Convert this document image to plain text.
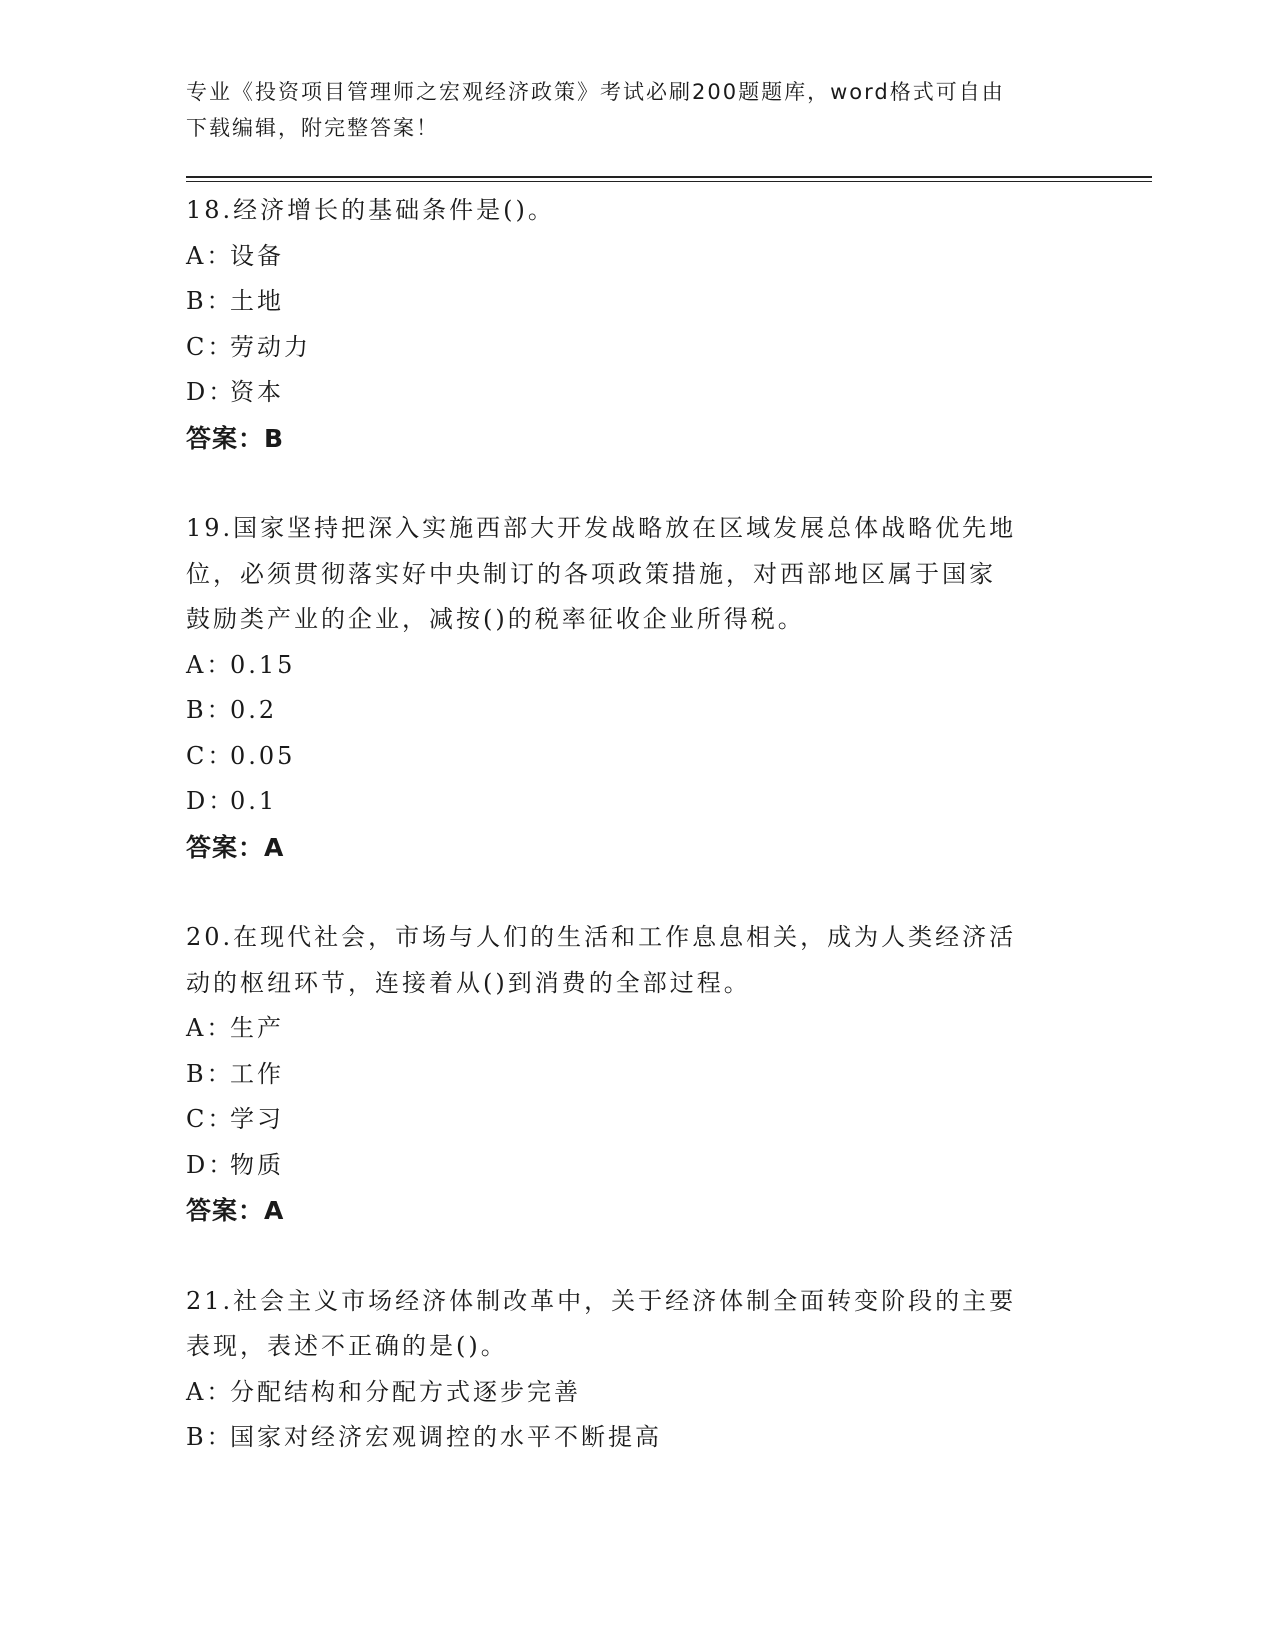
专业《投资项目管理师之宏观经济政策》考试必刷200题题库，word格式可自由
下载编辑，附完整答案！

18.经济增长的基础条件是()。

A：设备

B：土地

C：劳动力

D：资本

答案：B

19.国家坚持把深入实施西部大开发战略放在区域发展总体战略优先地

位，必须贯彻落实好中央制订的各项政策措施，对西部地区属于国家

鼓励类产业的企业，减按()的税率征收企业所得税。

A：0.15

B：0.2

C：0.05

D：0.1

答案：A

20.在现代社会，市场与人们的生活和工作息息相关，成为人类经济活

动的枢纽环节，连接着从()到消费的全部过程。

A：生产

B：工作

C：学习

D：物质

答案：A

21.社会主义市场经济体制改革中，关于经济体制全面转变阶段的主要

表现，表述不正确的是()。

A：分配结构和分配方式逐步完善

B：国家对经济宏观调控的水平不断提高
